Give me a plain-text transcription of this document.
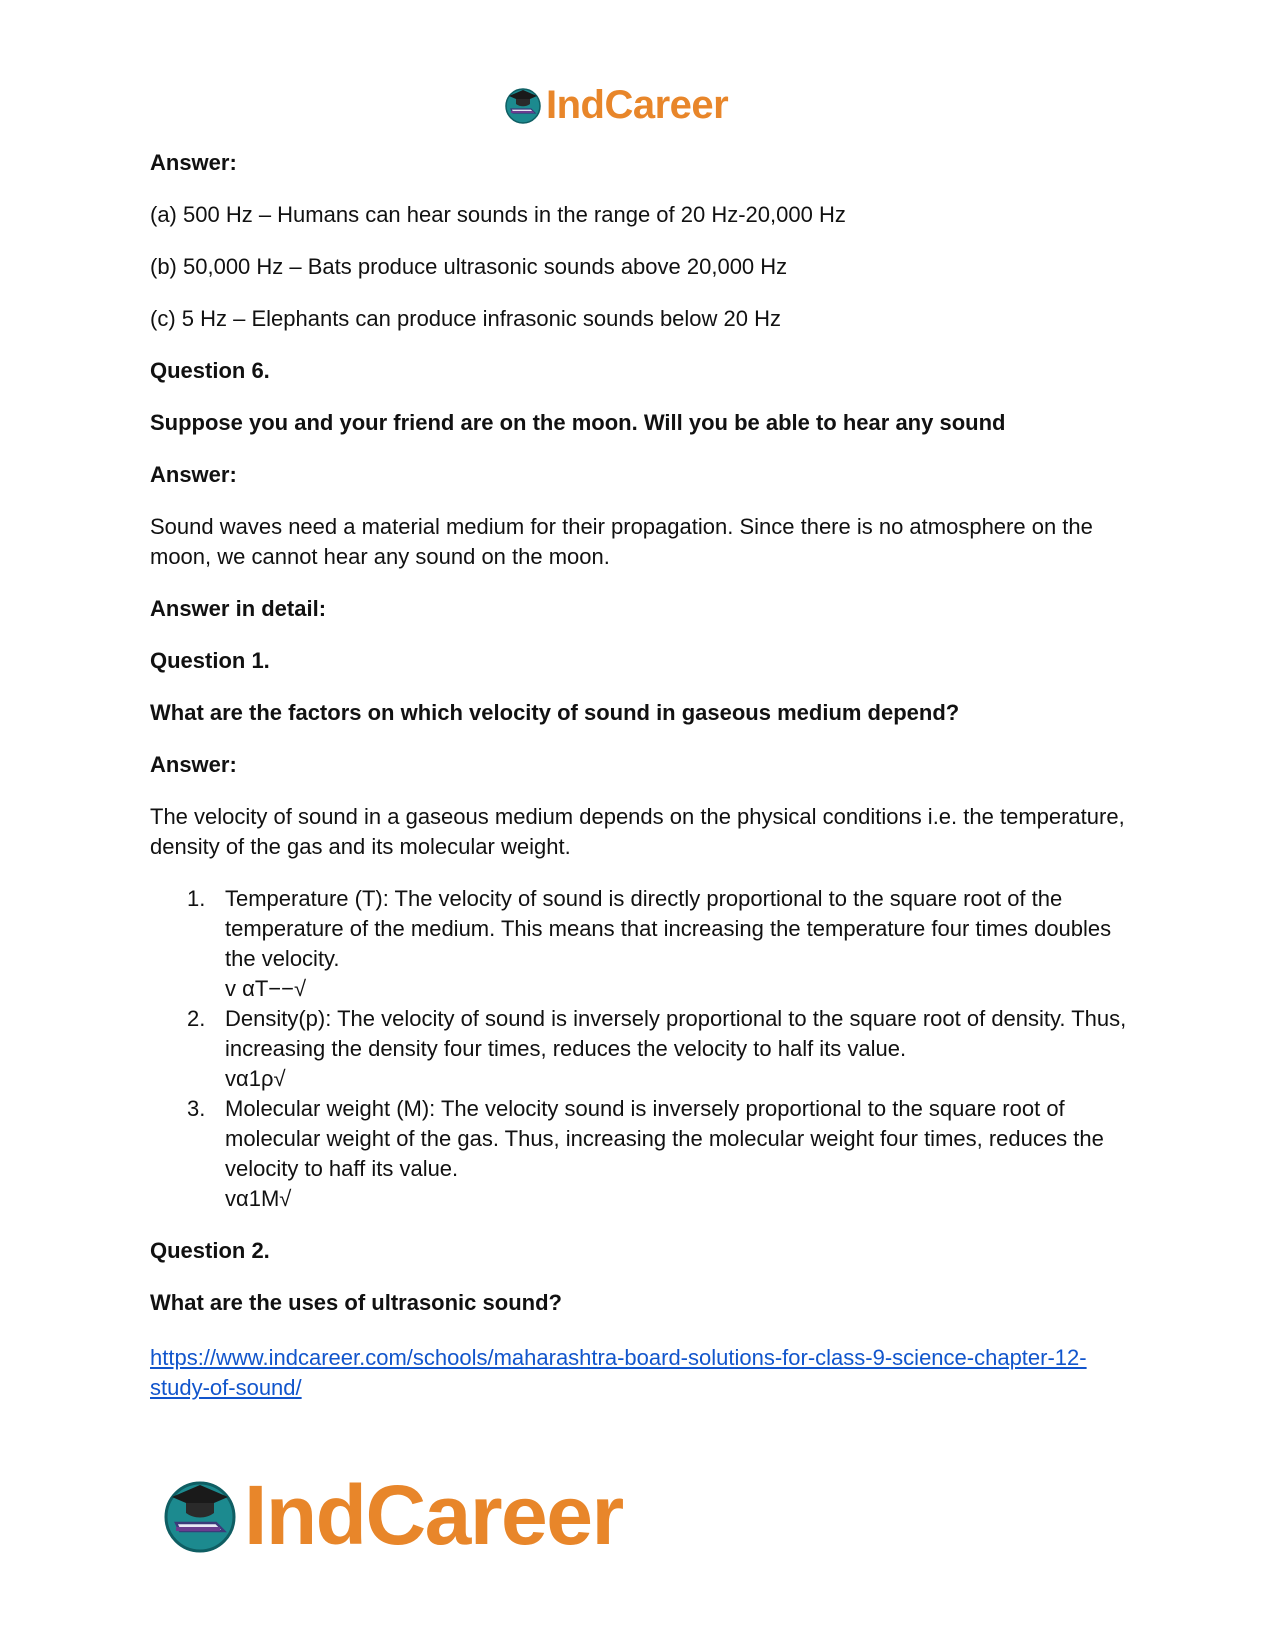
IndCareer

Answer:

(a) 500 Hz – Humans can hear sounds in the range of 20 Hz-20,000 Hz

(b) 50,000 Hz – Bats produce ultrasonic sounds above 20,000 Hz

(c) 5 Hz – Elephants can produce infrasonic sounds below 20 Hz

Question 6.

Suppose you and your friend are on the moon. Will you be able to hear any sound

Answer:

Sound waves need a material medium for their propagation. Since there is no atmosphere on the moon, we cannot hear any sound on the moon.

Answer in detail:

Question 1.

What are the factors on which velocity of sound in gaseous medium depend?

Answer:

The velocity of sound in a gaseous medium depends on the physical conditions i.e. the temperature, density of the gas and its molecular weight.

1. Temperature (T): The velocity of sound is directly proportional to the square root of the temperature of the medium. This means that increasing the temperature four times doubles the velocity.
v αT−−√
2. Density(p): The velocity of sound is inversely proportional to the square root of density. Thus, increasing the density four times, reduces the velocity to half its value.
vα1ρ√
3. Molecular weight (M): The velocity sound is inversely proportional to the square root of molecular weight of the gas. Thus, increasing the molecular weight four times, reduces the velocity to haff its value.
vα1M√

Question 2.

What are the uses of ultrasonic sound?

https://www.indcareer.com/schools/maharashtra-board-solutions-for-class-9-science-chapter-12-study-of-sound/

IndCareer
